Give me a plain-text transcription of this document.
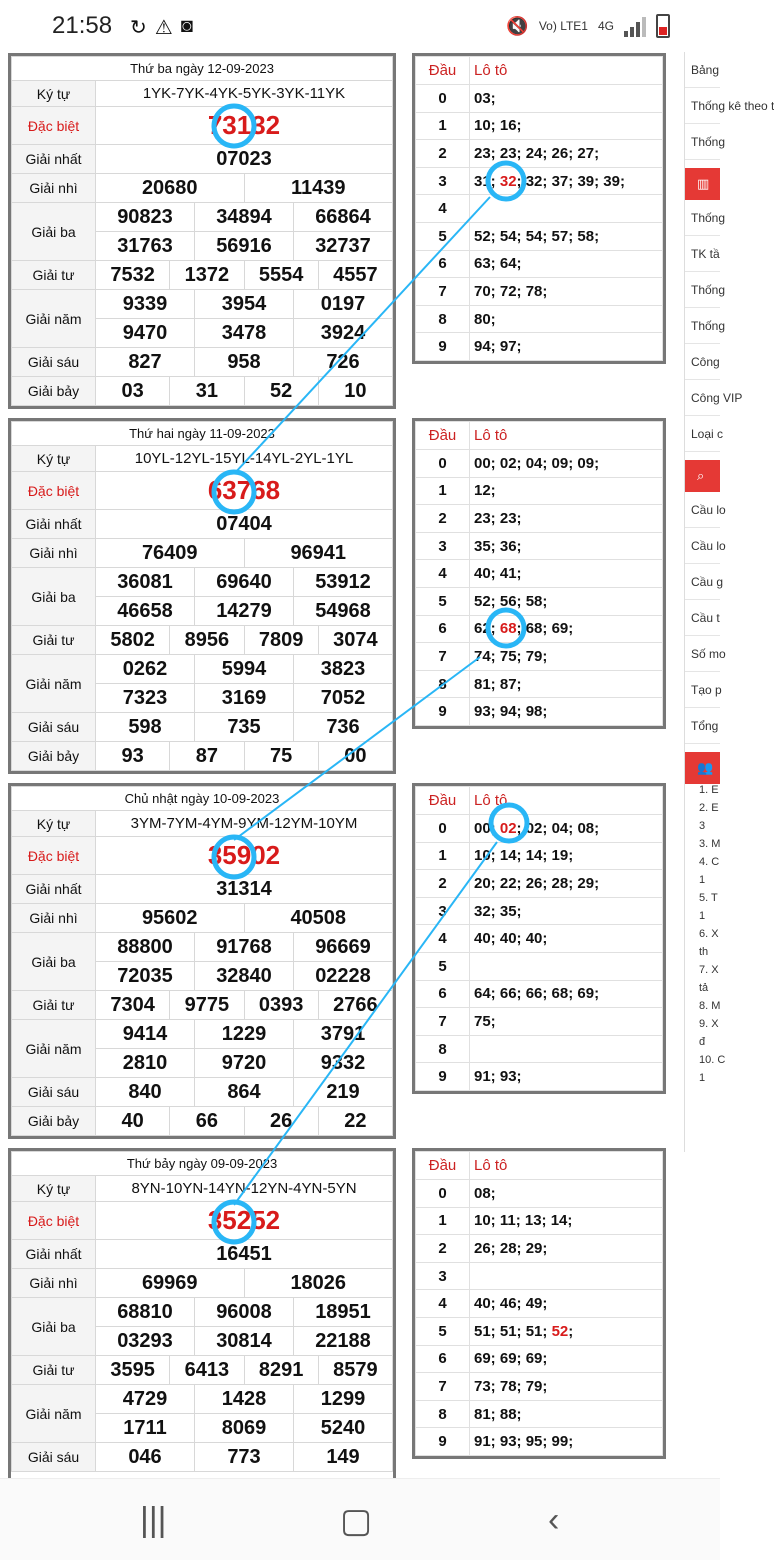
21:58 ↻ ⚠ ◙	🔇 Vo) LTE1 4G
Thứ ba ngày 12-09-2023						
Ký tự	1YK-7YK-4YK-5YK-3YK-11YK					
Đặc biệt	73132					
Giải nhất	07023					
Giải nhì	20680			11439		
Giải ba	90823		34894		66864	
	31763		56916		32737	
Giải tư	7532	1372		5554		4557
Giải năm	9339		3954		0197	
	9470		3478		3924	
Giải sáu	827		958		726	
Giải bảy	03	31		52		10
Thứ hai ngày 11-09-2023						
Ký tự	10YL-12YL-15YL-14YL-2YL-1YL					
Đặc biệt	63768					
Giải nhất	07404					
Giải nhì	76409			96941		
Giải ba	36081		69640		53912	
	46658		14279		54968	
Giải tư	5802	8956		7809		3074
Giải năm	0262		5994		3823	
	7323		3169		7052	
Giải sáu	598		735		736	
Giải bảy	93	87		75		00
Chủ nhật ngày 10-09-2023						
Ký tự	3YM-7YM-4YM-9YM-12YM-10YM					
Đặc biệt	35902					
Giải nhất	31314					
Giải nhì	95602			40508		
Giải ba	88800		91768		96669	
	72035		32840		02228	
Giải tư	7304	9775		0393		2766
Giải năm	9414		1229		3791	
	2810		9720		9332	
Giải sáu	840		864		219	
Giải bảy	40	66		26		22
Thứ bảy ngày 09-09-2023						
Ký tự	8YN-10YN-14YN-12YN-4YN-5YN					
Đặc biệt	35252					
Giải nhất	16451					
Giải nhì	69969			18026		
Giải ba	68810		96008		18951	
	03293		30814		22188	
Giải tư	3595	6413		8291		8579
Giải năm	4729		1428		1299	
	1711		8069		5240	
Giải sáu	046		773		149	
Đầu	Lô tô
0	03;
1	10; 16;
2	23; 23; 24; 26; 27;
3	31; 32; 32; 37; 39; 39;
4	
5	52; 54; 54; 57; 58;
6	63; 64;
7	70; 72; 78;
8	80;
9	94; 97;
Đầu	Lô tô
0	00; 02; 04; 09; 09;
1	12;
2	23; 23;
3	35; 36;
4	40; 41;
5	52; 56; 58;
6	62; 68; 68; 69;
7	74; 75; 79;
8	81; 87;
9	93; 94; 98;
Đầu	Lô tô
0	00; 02; 02; 04; 08;
1	10; 14; 14; 19;
2	20; 22; 26; 28; 29;
3	32; 35;
4	40; 40; 40;
5	
6	64; 66; 66; 68; 69;
7	75;
8	
9	91; 93;
Đầu	Lô tô
0	08;
1	10; 11; 13; 14;
2	26; 28; 29;
3	
4	40; 46; 49;
5	51; 51; 51; 52;
6	69; 69; 69;
7	73; 78; 79;
8	81; 88;
9	91; 93; 95; 99;
Bảng
Thống kê theo t
Thống
▥
Thống
TK tầ
Thống
Thống
Công
Công VIP
Loại c
⌕
Cầu lo
Cầu lo
Cầu g
Cầu t
Số mo
Tạo p
Tổng
👥
1. E
2. E
3
3. M
4. C
1
5. T
1
6. X
th
7. X
tả
8. M
9. X
đ
10. C
1
|||	▢	‹
